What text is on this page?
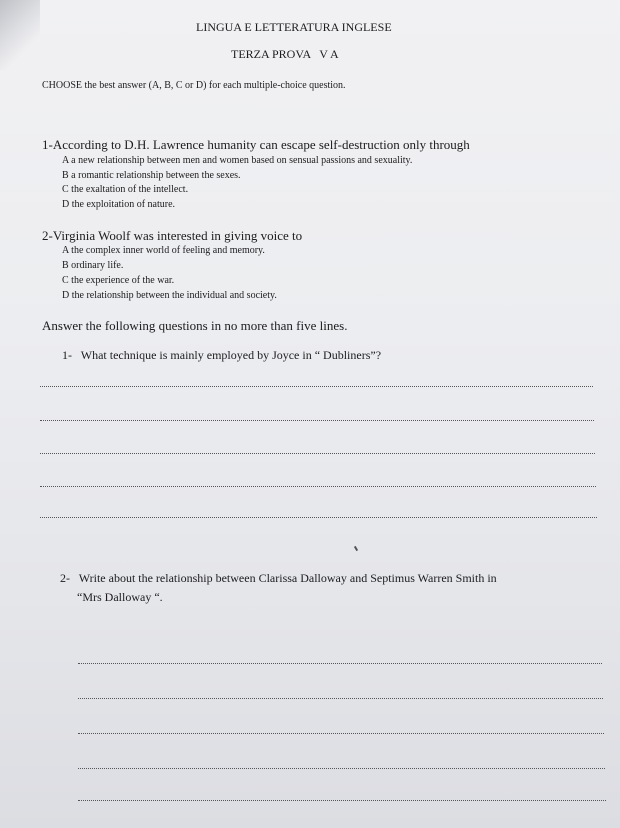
LINGUA E LETTERATURA INGLESE
TERZA PROVA   V A
CHOOSE the best answer (A, B, C or D) for each multiple-choice question.
1-According to D.H. Lawrence humanity can escape self-destruction only through
A a new relationship between men and women based on sensual passions and sexuality.
B a romantic relationship between the sexes.
C the exaltation of the intellect.
D the exploitation of nature.
2-Virginia Woolf was interested in giving voice to
A the complex inner world of feeling and memory.
B ordinary life.
C the experience of the war.
D the relationship between the individual and society.
Answer the following questions in no more than five lines.
1-   What technique is mainly employed by Joyce in “ Dubliners”?
2-   Write about the relationship between Clarissa Dalloway and Septimus Warren Smith in
“Mrs Dalloway “.
